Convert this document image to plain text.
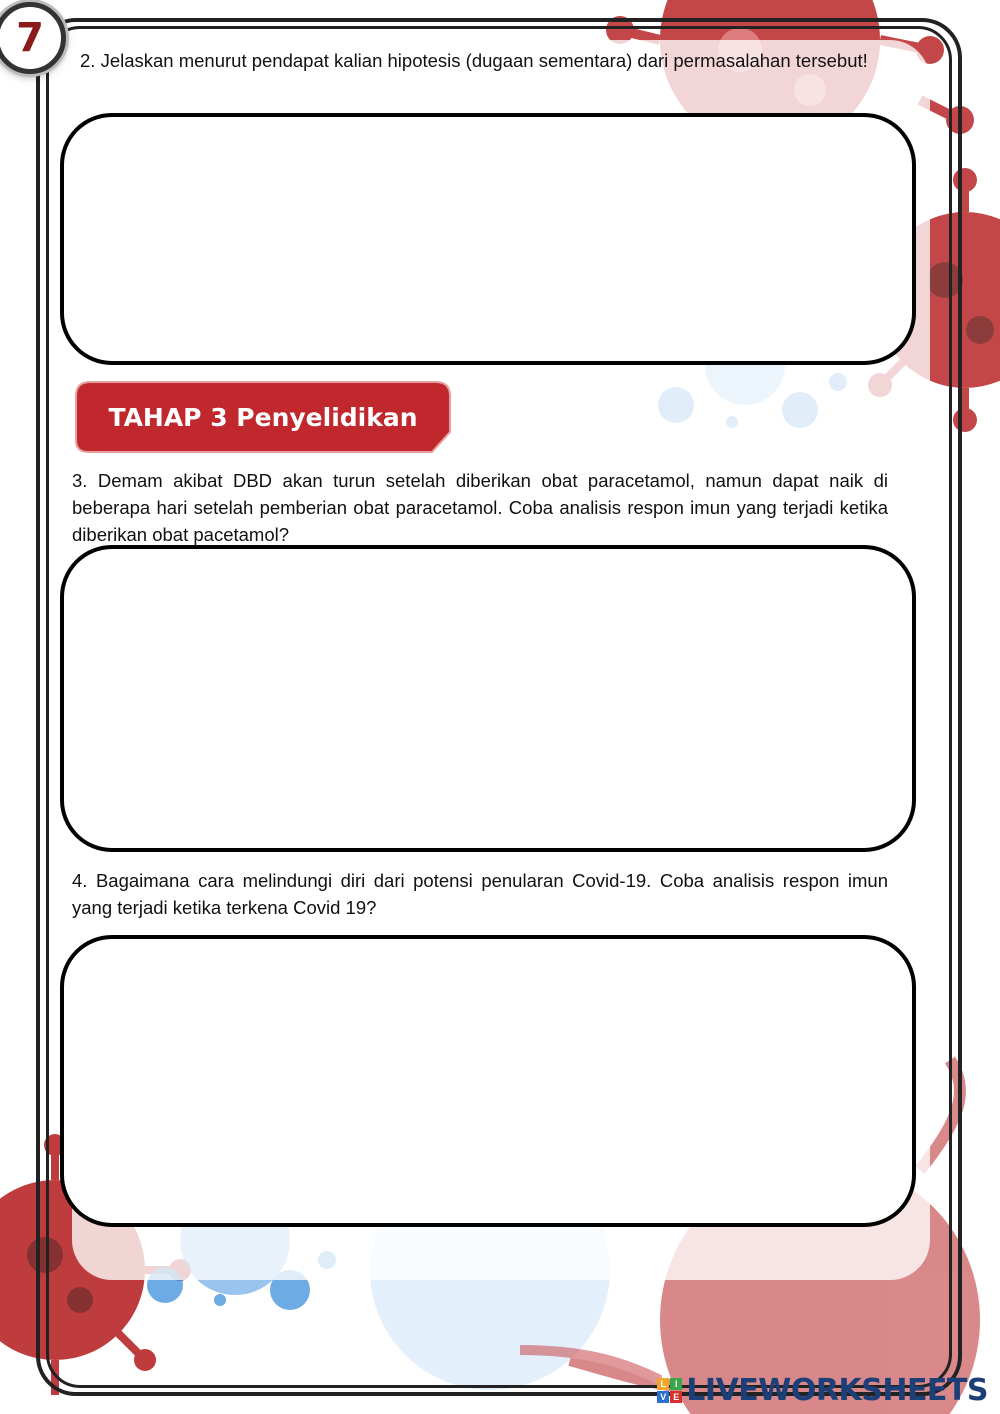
7 2. Jelaskan menurut pendapat kalian hipotesis (dugaan sementara) dari permasalahan tersebut!
TAHAP 3 Penyelidikan
3. Demam akibat DBD akan turun setelah diberikan obat paracetamol, namun dapat naik di beberapa hari setelah pemberian obat paracetamol. Coba analisis respon imun yang terjadi ketika diberikan obat pacetamol?
4. Bagaimana cara melindungi diri dari potensi penularan Covid-19. Coba analisis respon imun yang terjadi ketika terkena Covid 19?
L I
V E LIVEWORKSHEETS
